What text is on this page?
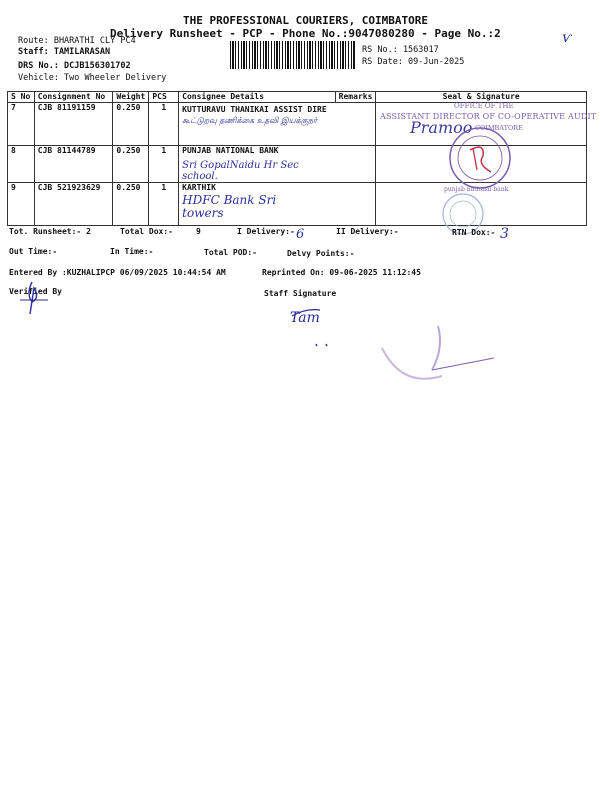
THE PROFESSIONAL COURIERS, COIMBATORE
Delivery Runsheet - PCP - Phone No.:9047080280 - Page No.:2	ѵ
Route: BHARATHI CLY PC4
Staff: TAMILARASAN
DRS No.: DCJB156301702
Vehicle: Two Wheeler Delivery
RS No.: 1563017
RS Date: 09-Jun-2025
S No	Consignment No	Weight	PCS	Consignee Details	Remarks	Seal & Signature
7	CJB 81191159	0.250	1	KUTTURAVU THANIKAI ASSIST DIRE
கூட்டுறவு தணிக்கை உதவி இயக்குநர்		

8	CJB 81144789	0.250	1	PUNJAB NATIONAL BANK
Sri GopalNaidu Hr Sec school.		

9	CJB 521923629	0.250	1	KARTHIK
HDFC Bank Sri towers		

OFFICE OF THE
ASSISTANT DIRECTOR OF CO-OPERATIVE AUDIT
COIMBATORE
Pramoo
punjab national bank
Tot. Runsheet:- 2	Total Dox:-	9	I Delivery:- 6	II Delivery:-	RTN Dox:- 3
Out Time:-	In Time:-	Total POD:-	Delvy Points:-
Entered By :KUZHALIPCP 06/09/2025 10:44:54 AM	Reprinted On: 09-06-2025 11:12:45
Verified By	Staff Signature
Tam
